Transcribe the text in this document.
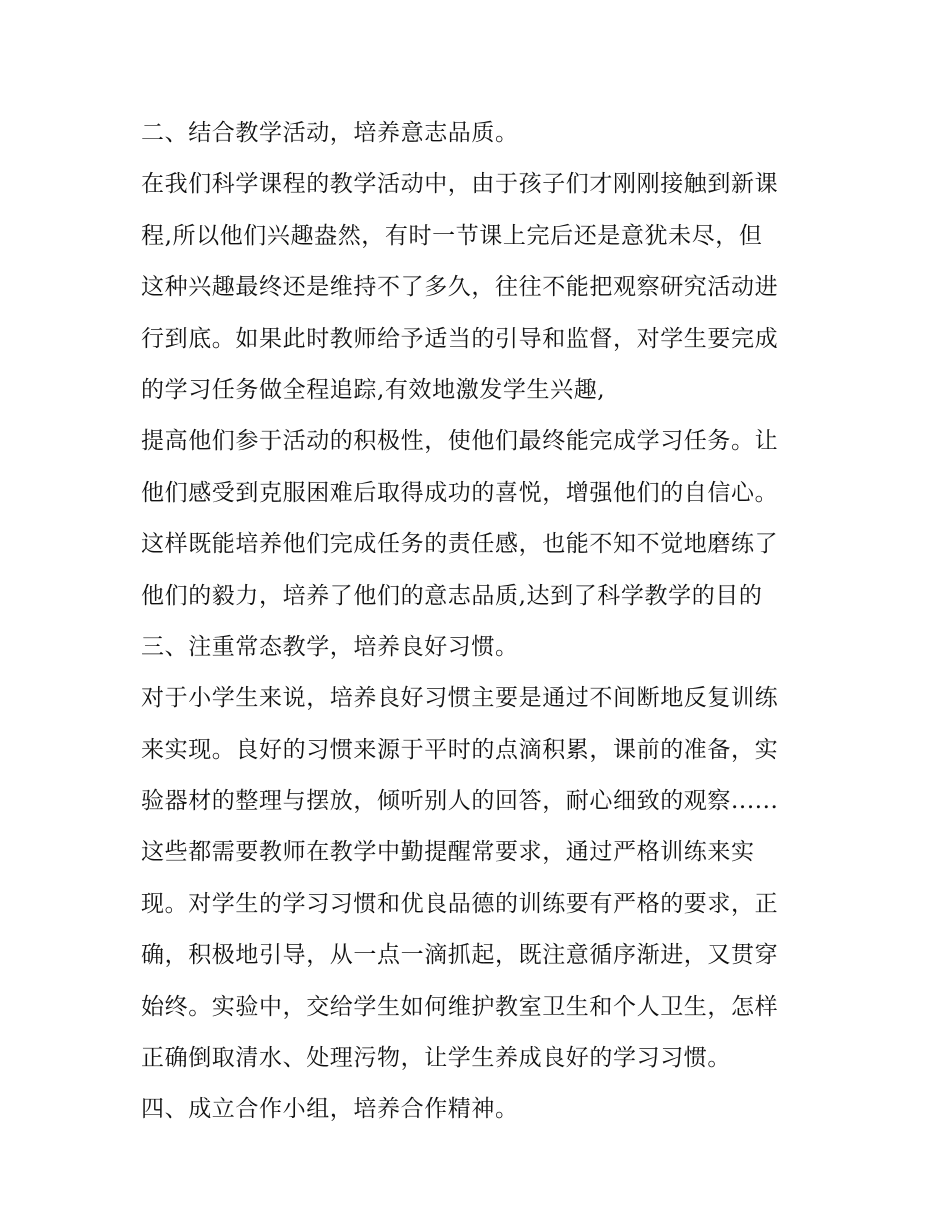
二、结合教学活动，培养意志品质。
在我们科学课程的教学活动中，由于孩子们才刚刚接触到新课
程,所以他们兴趣盎然，有时一节课上完后还是意犹未尽，但
这种兴趣最终还是维持不了多久，往往不能把观察研究活动进
行到底。如果此时教师给予适当的引导和监督，对学生要完成
的学习任务做全程追踪,有效地激发学生兴趣,
提高他们参于活动的积极性，使他们最终能完成学习任务。让
他们感受到克服困难后取得成功的喜悦，增强他们的自信心。
这样既能培养他们完成任务的责任感，也能不知不觉地磨练了
他们的毅力，培养了他们的意志品质,达到了科学教学的目的
三、注重常态教学，培养良好习惯。
对于小学生来说，培养良好习惯主要是通过不间断地反复训练
来实现。良好的习惯来源于平时的点滴积累，课前的准备，实
验器材的整理与摆放，倾听别人的回答，耐心细致的观察......
这些都需要教师在教学中勤提醒常要求，通过严格训练来实
现。对学生的学习习惯和优良品德的训练要有严格的要求，正
确，积极地引导，从一点一滴抓起，既注意循序渐进，又贯穿
始终。实验中，交给学生如何维护教室卫生和个人卫生，怎样
正确倒取清水、处理污物，让学生养成良好的学习习惯。
四、成立合作小组，培养合作精神。
